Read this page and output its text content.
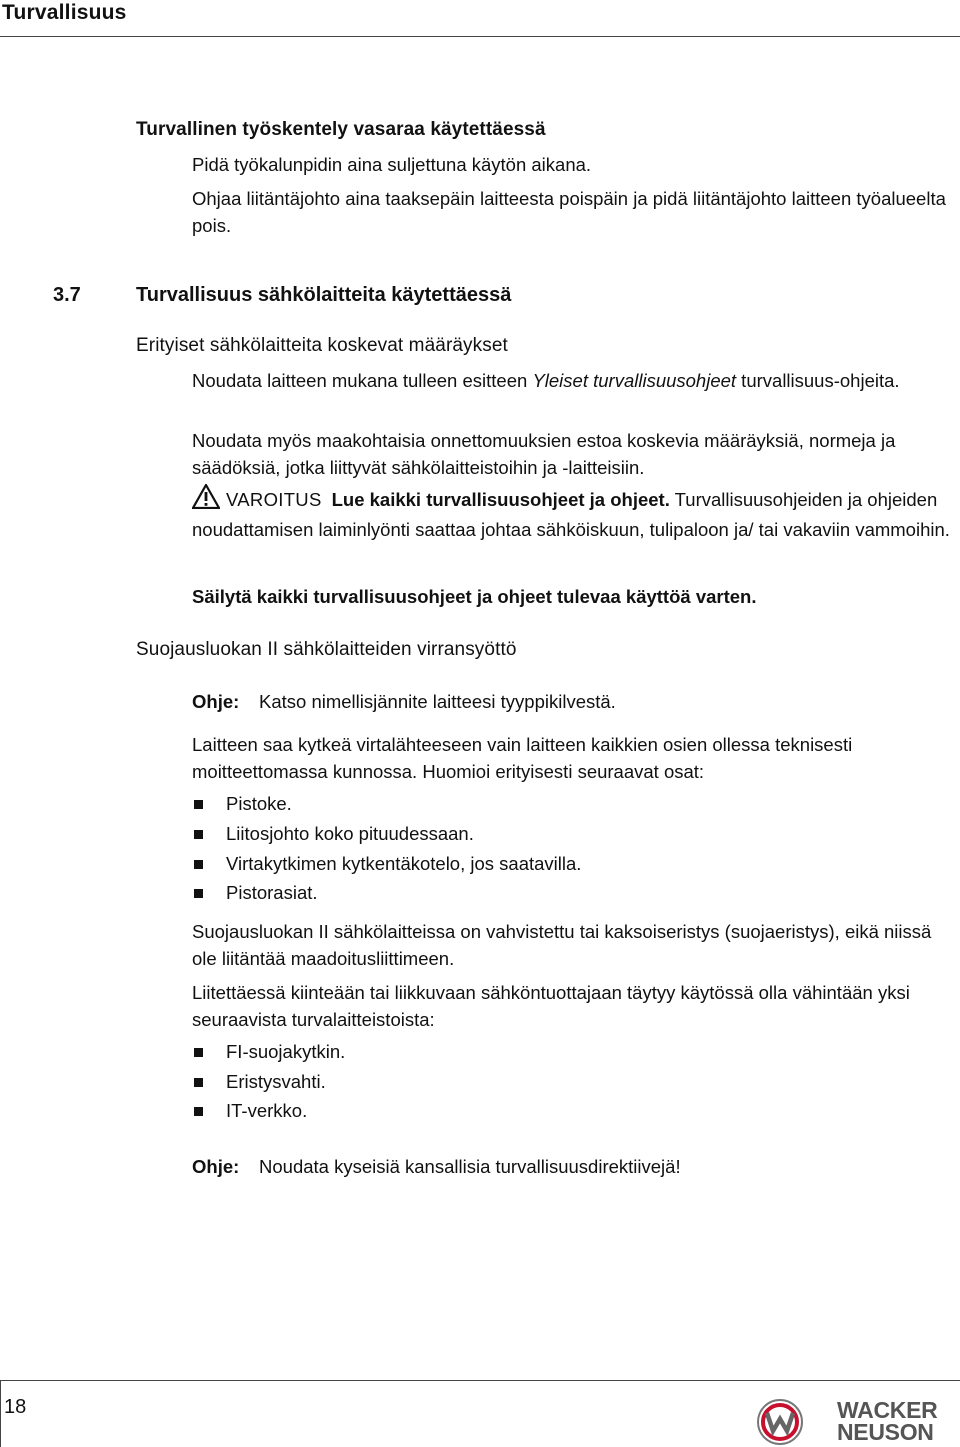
Turvallisuus
Turvallinen työskentely vasaraa käytettäessä
Pidä työkalunpidin aina suljettuna käytön aikana.
Ohjaa liitäntäjohto aina taaksepäin laitteesta poispäin ja pidä liitäntäjohto laitteen työalueelta pois.
3.7	Turvallisuus sähkölaitteita käytettäessä
Erityiset sähkölaitteita koskevat määräykset
Noudata laitteen mukana tulleen esitteen Yleiset turvallisuusohjeet turvallisuus-ohjeita.
Noudata myös maakohtaisia onnettomuuksien estoa koskevia määräyksiä, normeja ja säädöksiä, jotka liittyvät sähkölaitteistoihin ja -laitteisiin.
VAROITUS Lue kaikki turvallisuusohjeet ja ohjeet. Turvallisuusohjeiden ja ohjeiden noudattamisen laiminlyönti saattaa johtaa sähköiskuun, tulipaloon ja/ tai vakaviin vammoihin.
Säilytä kaikki turvallisuusohjeet ja ohjeet tulevaa käyttöä varten.
Suojausluokan II sähkölaitteiden virransyöttö
Ohje: Katso nimellisjännite laitteesi tyyppikilvestä.
Laitteen saa kytkeä virtalähteeseen vain laitteen kaikkien osien ollessa teknisesti moitteettomassa kunnossa. Huomioi erityisesti seuraavat osat:
Pistoke.
Liitosjohto koko pituudessaan.
Virtakytkimen kytkentäkotelo, jos saatavilla.
Pistorasiat.
Suojausluokan II sähkölaitteissa on vahvistettu tai kaksoiseristys (suojaeristys), eikä niissä ole liitäntää maadoitusliittimeen.
Liitettäessä kiinteään tai liikkuvaan sähköntuottajaan täytyy käytössä olla vähintään yksi seuraavista turvalaitteistoista:
FI-suojakytkin.
Eristysvahti.
IT-verkko.
Ohje: Noudata kyseisiä kansallisia turvallisuusdirektiivejä!
18	WACKER
NEUSON
